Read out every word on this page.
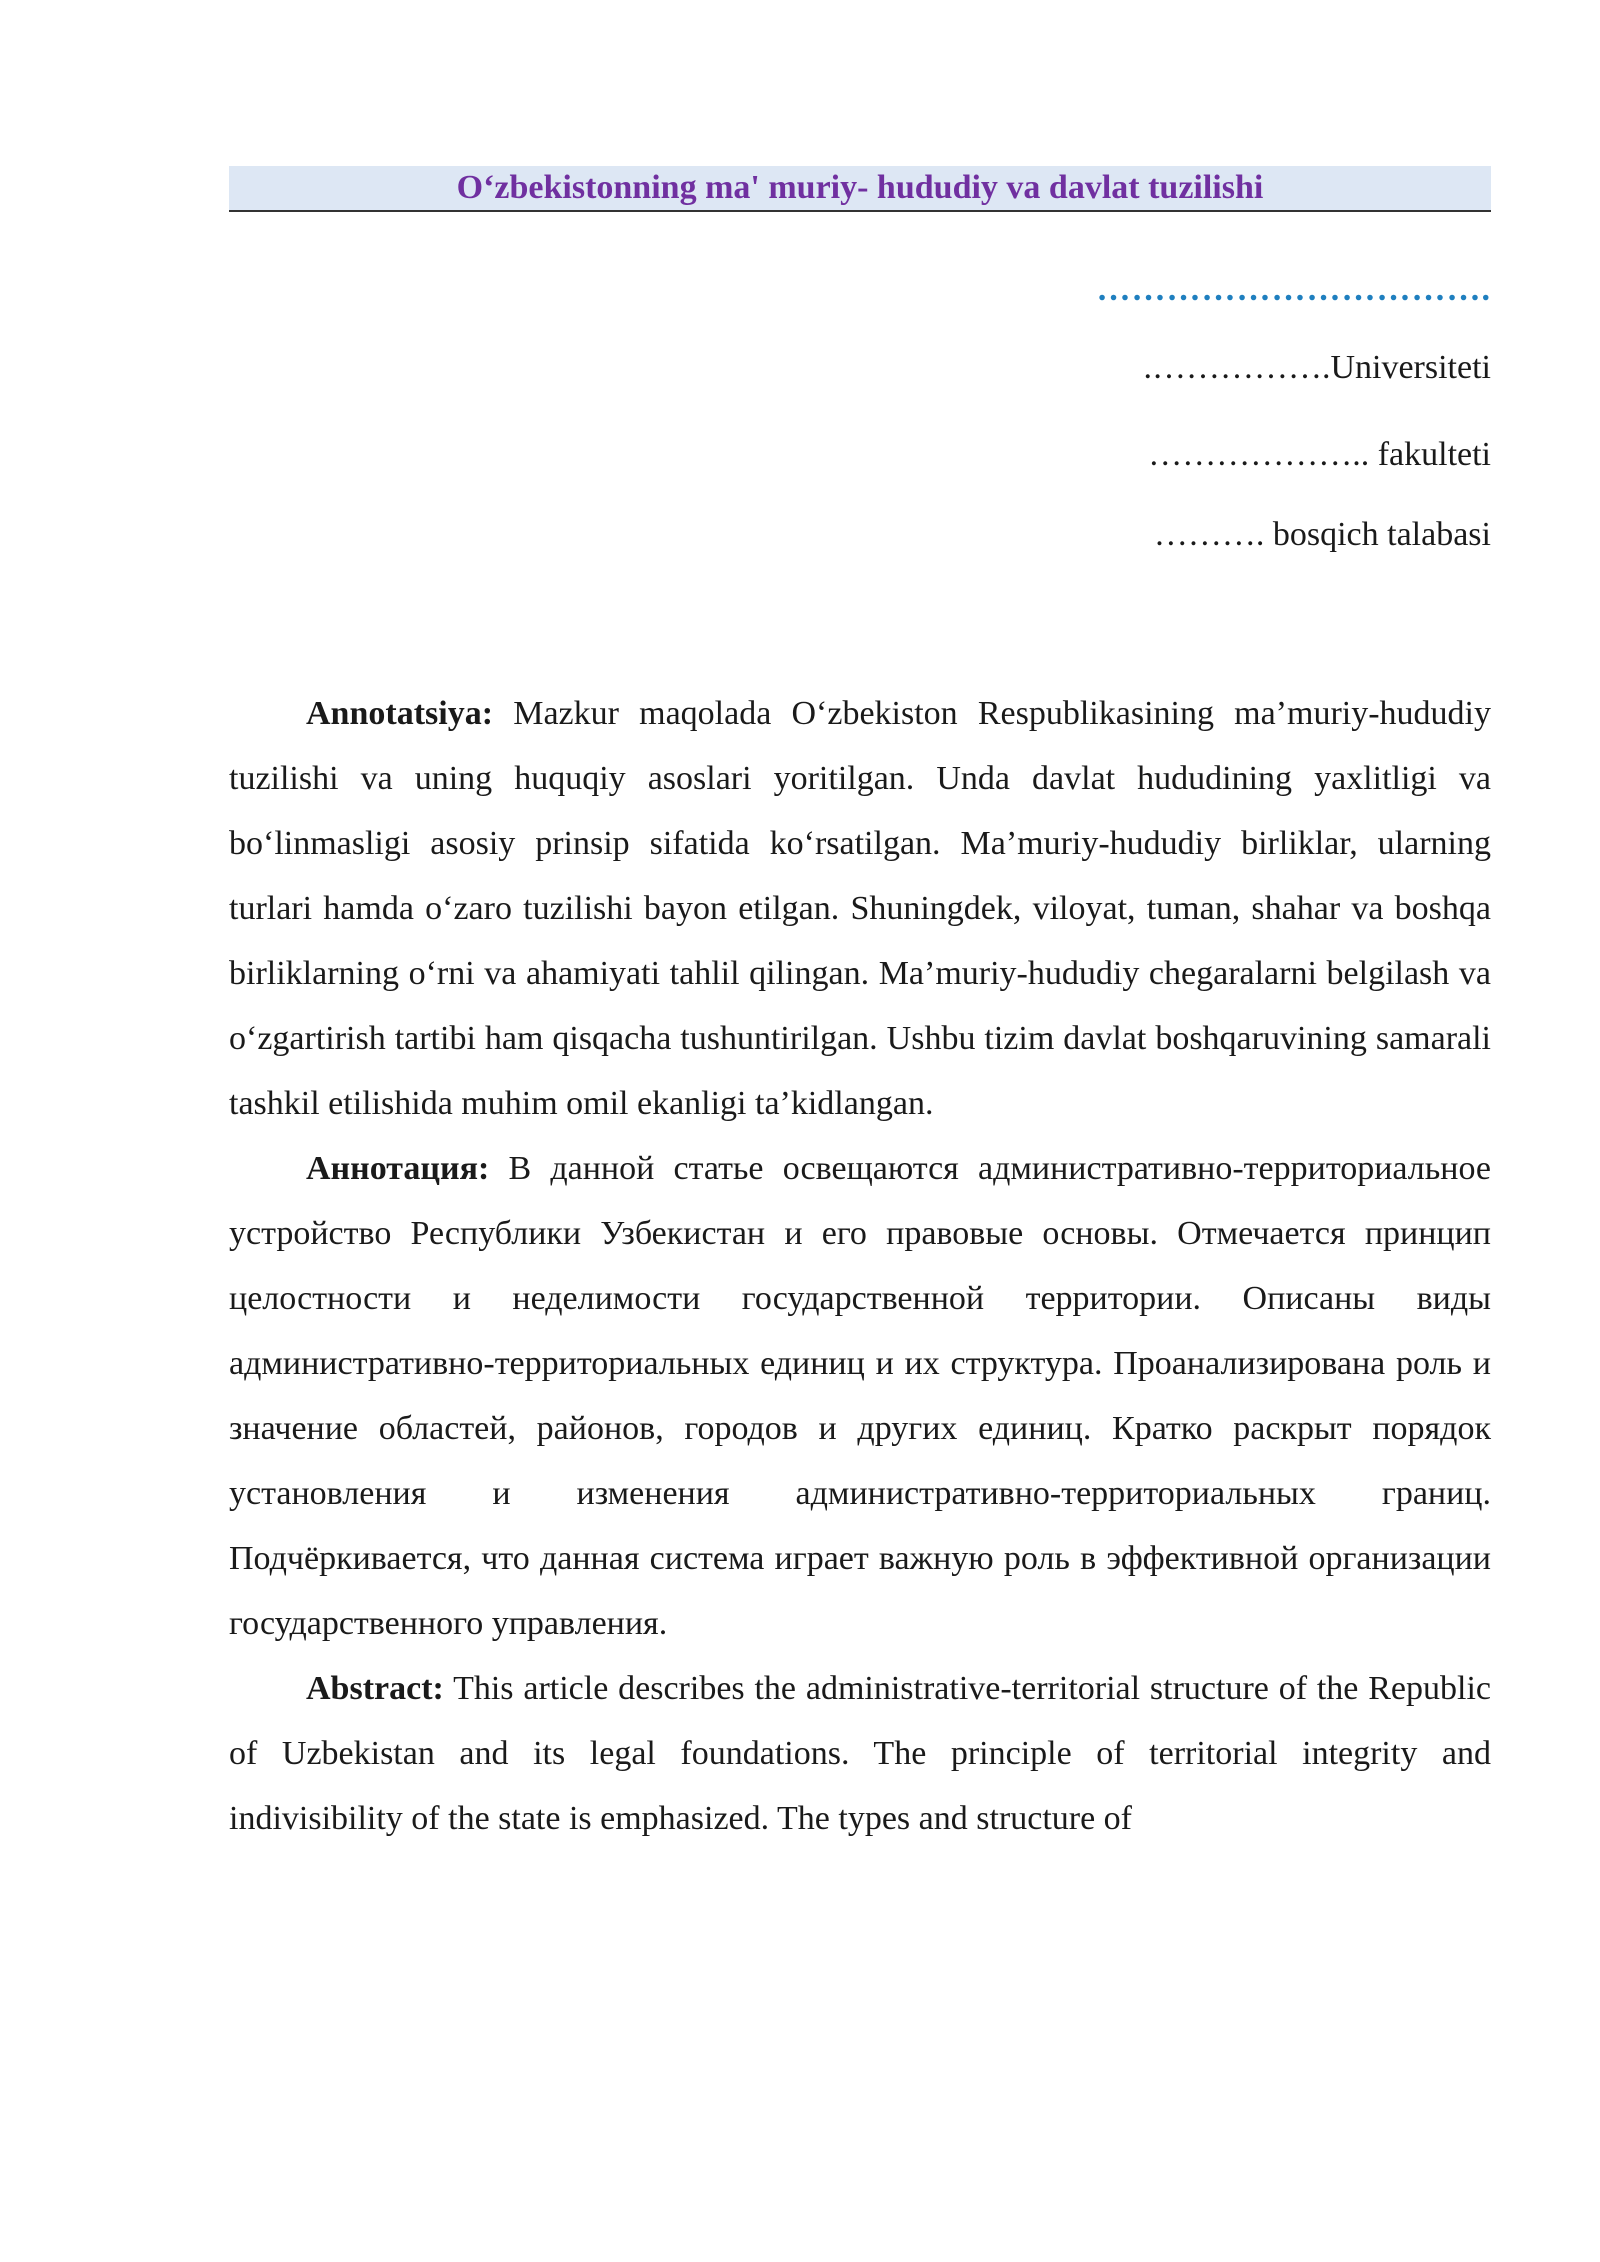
O‘zbekistonning ma' muriy- hududiy va davlat tuzilishi
…………………………….
.…………….Universiteti
……………….. fakulteti
………. bosqich talabasi

Annotatsiya: Mazkur maqolada O‘zbekiston Respublikasining ma’muriy-hududiy tuzilishi va uning huquqiy asoslari yoritilgan. Unda davlat hududining yaxlitligi va bo‘linmasligi asosiy prinsip sifatida ko‘rsatilgan. Ma’muriy-hududiy birliklar, ularning turlari hamda o‘zaro tuzilishi bayon etilgan. Shuningdek, viloyat, tuman, shahar va boshqa birliklarning o‘rni va ahamiyati tahlil qilingan. Ma’muriy-hududiy chegaralarni belgilash va o‘zgartirish tartibi ham qisqacha tushuntirilgan. Ushbu tizim davlat boshqaruvining samarali tashkil etilishida muhim omil ekanligi ta’kidlangan.

Аннотация: В данной статье освещаются административно-территориальное устройство Республики Узбекистан и его правовые основы. Отмечается принцип целостности и неделимости государственной территории. Описаны виды административно-территориальных единиц и их структура. Проанализирована роль и значение областей, районов, городов и других единиц. Кратко раскрыт порядок установления и изменения административно-территориальных границ. Подчёркивается, что данная система играет важную роль в эффективной организации государственного управления.

Abstract: This article describes the administrative-territorial structure of the Republic of Uzbekistan and its legal foundations. The principle of territorial integrity and indivisibility of the state is emphasized. The types and structure of
